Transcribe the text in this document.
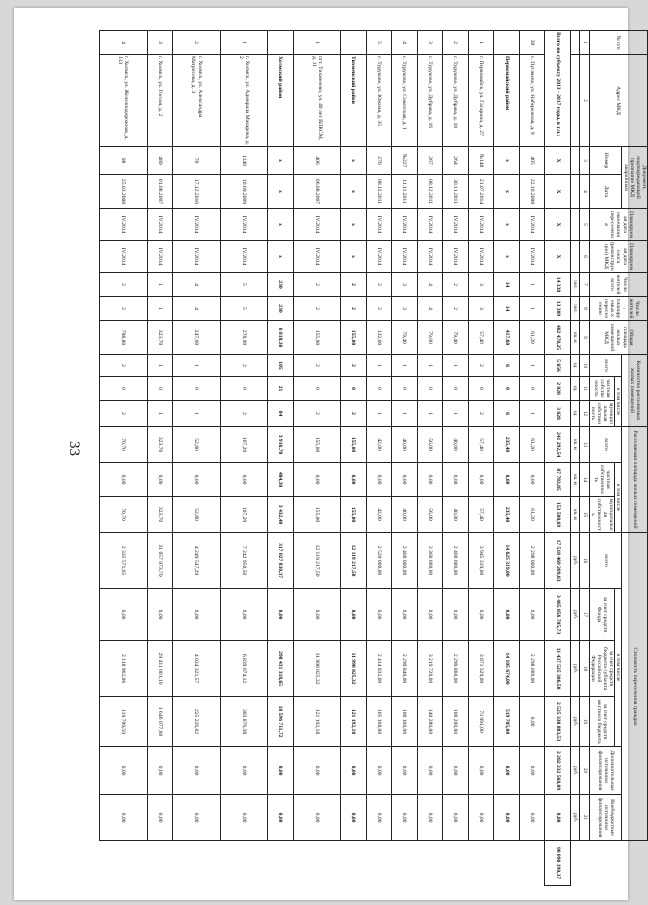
33
№ п/п	Адрес МКД	Документ, подтверждающий признание МКД аварийным		Планируемая дата окончания переселения	Планируемая дата сноса (реконструкции) МКД	Число жителей всего	Число жителей, планируемых к переселению	Общая площадь жилых помещений МКД	Количество расселяемых жилых помещений			Расселяемая площадь жилых помещений			Стоимость переселения граждан						
		Номер	Дата						всего	в том числе		всего	в том числе		всего	в том числе			Дополнительные источники финансирования	Внебюджетные источники финансирования	
										частная собственность	муниципальная собственность		частная собственность	муниципальная собственность		за счет средств Фонда	за счет средств бюджета субъекта Российской Федерации	за счет средств местного бюджета			
1	2	3	4	5	6	7	8	9	10	11	12	13	14	15	16	17	18	19	20	21	
						чел.	чел.	кв. м	ед.	ед.	ед.	кв. м	кв. м	кв. м	руб.	руб.	руб.	руб.	руб.	руб.	
Всего по субъекту 2013 - 2017 годы, в т.ч.:		X	X	X	X	14 338	13 309	482 478,25	5 656	2 028	3 628	241 292,54	87 783,85	153 508,69	17 518 469 209,83	3 465 856 705,73	11 437 525 306,50	2 525 338 883,53	2 282 232 560,09	0,00	90 090 190,37
30	с. Пугачево, ул. Набережная, д. 9	405	22.10.2008	IV.2014	IV.2014	1	1	61,20	1	0	1	61,20	0,00	61,20	2 298 000,00	0,00	2 298 000,00	0,00	0,00	0,00	
	Первомайский район	х	х	х	х	14	14	417,60	6	0	6	235,40	0,00	235,40	14 625 319,00	0,00	14 105 674,00	519 705,00	0,00	0,00	
1	г. Первомайск, ул. Гагарина, д. 27	№148	21.07.2014	IV.2014	IV.2014	3	3	57,40	2	0	2	57,40	0,00	57,40	3 945 319,00	0,00	3 871 329,00	73 991,00	0,00	0,00	
2	с. Туруково, ул. Дубрава, д. 10	264	30.11.2011	IV.2014	IV.2014	2	2	79,40	1	0	1	40,00	0,00	40,00	2 400 000,00	0,00	2 299 800,00	100 200,00	0,00	0,00	
3	с. Туруково, ул. Дубрава, д. 16	267	08.12.2011	IV.2014	IV.2014	4	4	79,00	1	0	1	56,00	0,00	56,00	3 360 000,00	0,00	3 219 720,00	140 280,00	0,00	0,00	
4	с. Туруково, ул. Советская, д. 1	№227	11.11.2011	IV.2014	IV.2014	3	3	79,40	1	0	1	40,00	0,00	40,00	2 400 000,00	0,00	2 299 840,00	100 160,00	0,00	0,00	
5	с. Туруково, ул. Южная, д. 35	276	08.12.2011	IV.2014	IV.2014	2	2	132,00	1	0	1	42,00	0,00	42,00	2 520 000,00	0,00	2 414 832,00	105 168,00	0,00	0,00	
	Тихменский район	х	х	х	х	2	2	155,00	2	0	2	155,00	0,00	155,00	12 119 217,50	0,00	11 998 025,32	121 192,18	0,00	0,00	
1	пгт. Тихменево, ул. 40 лет ВЛКСМ, д. 11	406	06.08.2007	IV.2014	IV.2014	2	2	155,00	2	0	2	155,00	0,00	155,00	12 119 217,50	0,00	11 998 025,32	121 192,18	0,00	0,00	
	Холмский район	х	х	х	х	230	230	6 810,30	105	21	84	3 916,70	484,30	3 432,40	317 027 830,37	0,00	298 431 318,65	18 596 711,72	0,00	0,00	
1	г. Холмск, ул. Адмирала Макарова, д. 2	1140	10.09.2009	IV.2014	IV.2014	5	5	278,90	2	0	2	107,20	0,00	107,20	7 242 950,50	0,00	6 839 074,12	303 876,38	0,00	0,00	
2	г. Холмск, ул. Александра Матросова, д. 3	70	17.12.2010	IV.2014	IV.2014	4	4	247,00	1	0	1	52,80	0,00	52,80	4 249 547,29	0,00	4 024 321,57	225 226,02	0,00	0,00	
3	г. Холмск, ул. Гоголя, д. 2	489	01.08.2007	IV.2014	IV.2014	1	1	323,70	1	0	1	323,70	0,00	323,70	31 057 973,70	0,00	29 411 001,10	1 646 077,60	0,00	0,00	
4	г. Холмск, ул. Железнодорожная, д. 113	98	25.03.2008	IV.2014	IV.2014	2	2	708,80	2	0	2	70,70	0,00	70,70	2 335 571,65	0,00	2 118 962,06	119 709,59	0,00	0,00	
